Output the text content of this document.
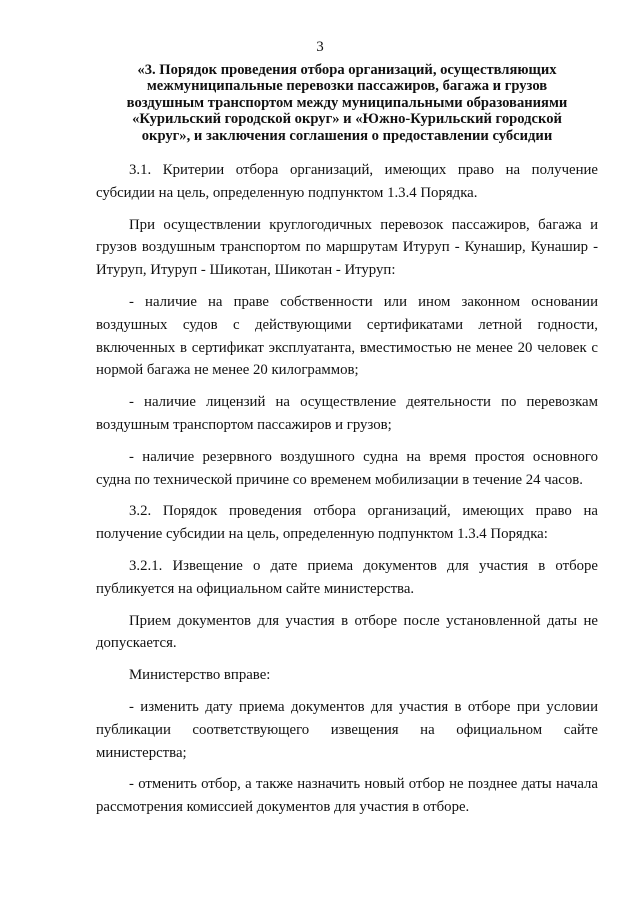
3
«3. Порядок проведения отбора организаций, осуществляющих
межмуниципальные перевозки пассажиров, багажа и грузов
воздушным транспортом между муниципальными образованиями
«Курильский городской округ» и «Южно-Курильский городской
округ», и заключения соглашения о предоставлении субсидии

3.1. Критерии отбора организаций, имеющих право на получение субсидии на цель, определенную подпунктом 1.3.4 Порядка.

При осуществлении круглогодичных перевозок пассажиров, багажа и грузов воздушным транспортом по маршрутам Итуруп - Кунашир, Кунашир - Итуруп, Итуруп - Шикотан, Шикотан - Итуруп:

- наличие на праве собственности или ином законном основании воздушных судов с действующими сертификатами летной годности, включенных в сертификат эксплуатанта, вместимостью не менее 20 человек с нормой багажа не менее 20 килограммов;

- наличие лицензий на осуществление деятельности по перевозкам воздушным транспортом пассажиров и грузов;

- наличие резервного воздушного судна на время простоя основного судна по технической причине со временем мобилизации в течение 24 часов.

3.2. Порядок проведения отбора организаций, имеющих право на получение субсидии на цель, определенную подпунктом 1.3.4 Порядка:

3.2.1. Извещение о дате приема документов для участия в отборе публикуется на официальном сайте министерства.

Прием документов для участия в отборе после установленной даты не допускается.

Министерство вправе:

- изменить дату приема документов для участия в отборе при условии публикации соответствующего извещения на официальном сайте министерства;

- отменить отбор, а также назначить новый отбор не позднее даты начала рассмотрения комиссией документов для участия в отборе.
